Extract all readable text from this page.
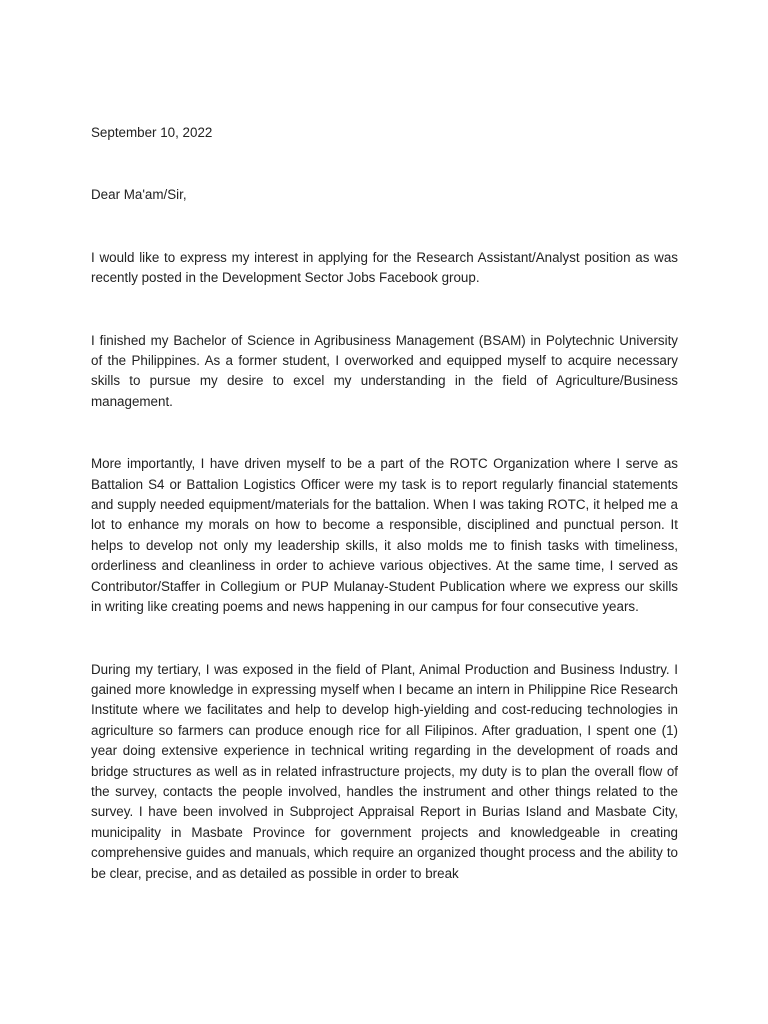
September 10, 2022

Dear Ma'am/Sir,

I would like to express my interest in applying for the Research Assistant/Analyst position as was recently posted in the Development Sector Jobs Facebook group.

I finished my Bachelor of Science in Agribusiness Management (BSAM) in Polytechnic University of the Philippines. As a former student, I overworked and equipped myself to acquire necessary skills to pursue my desire to excel my understanding in the field of Agriculture/Business management.

More importantly, I have driven myself to be a part of the ROTC Organization where I serve as Battalion S4 or Battalion Logistics Officer were my task is to report regularly financial statements and supply needed equipment/materials for the battalion. When I was taking ROTC, it helped me a lot to enhance my morals on how to become a responsible, disciplined and punctual person. It helps to develop not only my leadership skills, it also molds me to finish tasks with timeliness, orderliness and cleanliness in order to achieve various objectives. At the same time, I served as Contributor/Staffer in Collegium or PUP Mulanay-Student Publication where we express our skills in writing like creating poems and news happening in our campus for four consecutive years.

During my tertiary, I was exposed in the field of Plant, Animal Production and Business Industry. I gained more knowledge in expressing myself when I became an intern in Philippine Rice Research Institute where we facilitates and help to develop high-yielding and cost-reducing technologies in agriculture so farmers can produce enough rice for all Filipinos. After graduation, I spent one (1) year doing extensive experience in technical writing regarding in the development of roads and bridge structures as well as in related infrastructure projects, my duty is to plan the overall flow of the survey, contacts the people involved, handles the instrument and other things related to the survey. I have been involved in Subproject Appraisal Report in Burias Island and Masbate City, municipality in Masbate Province for government projects and knowledgeable in creating comprehensive guides and manuals, which require an organized thought process and the ability to be clear, precise, and as detailed as possible in order to break
